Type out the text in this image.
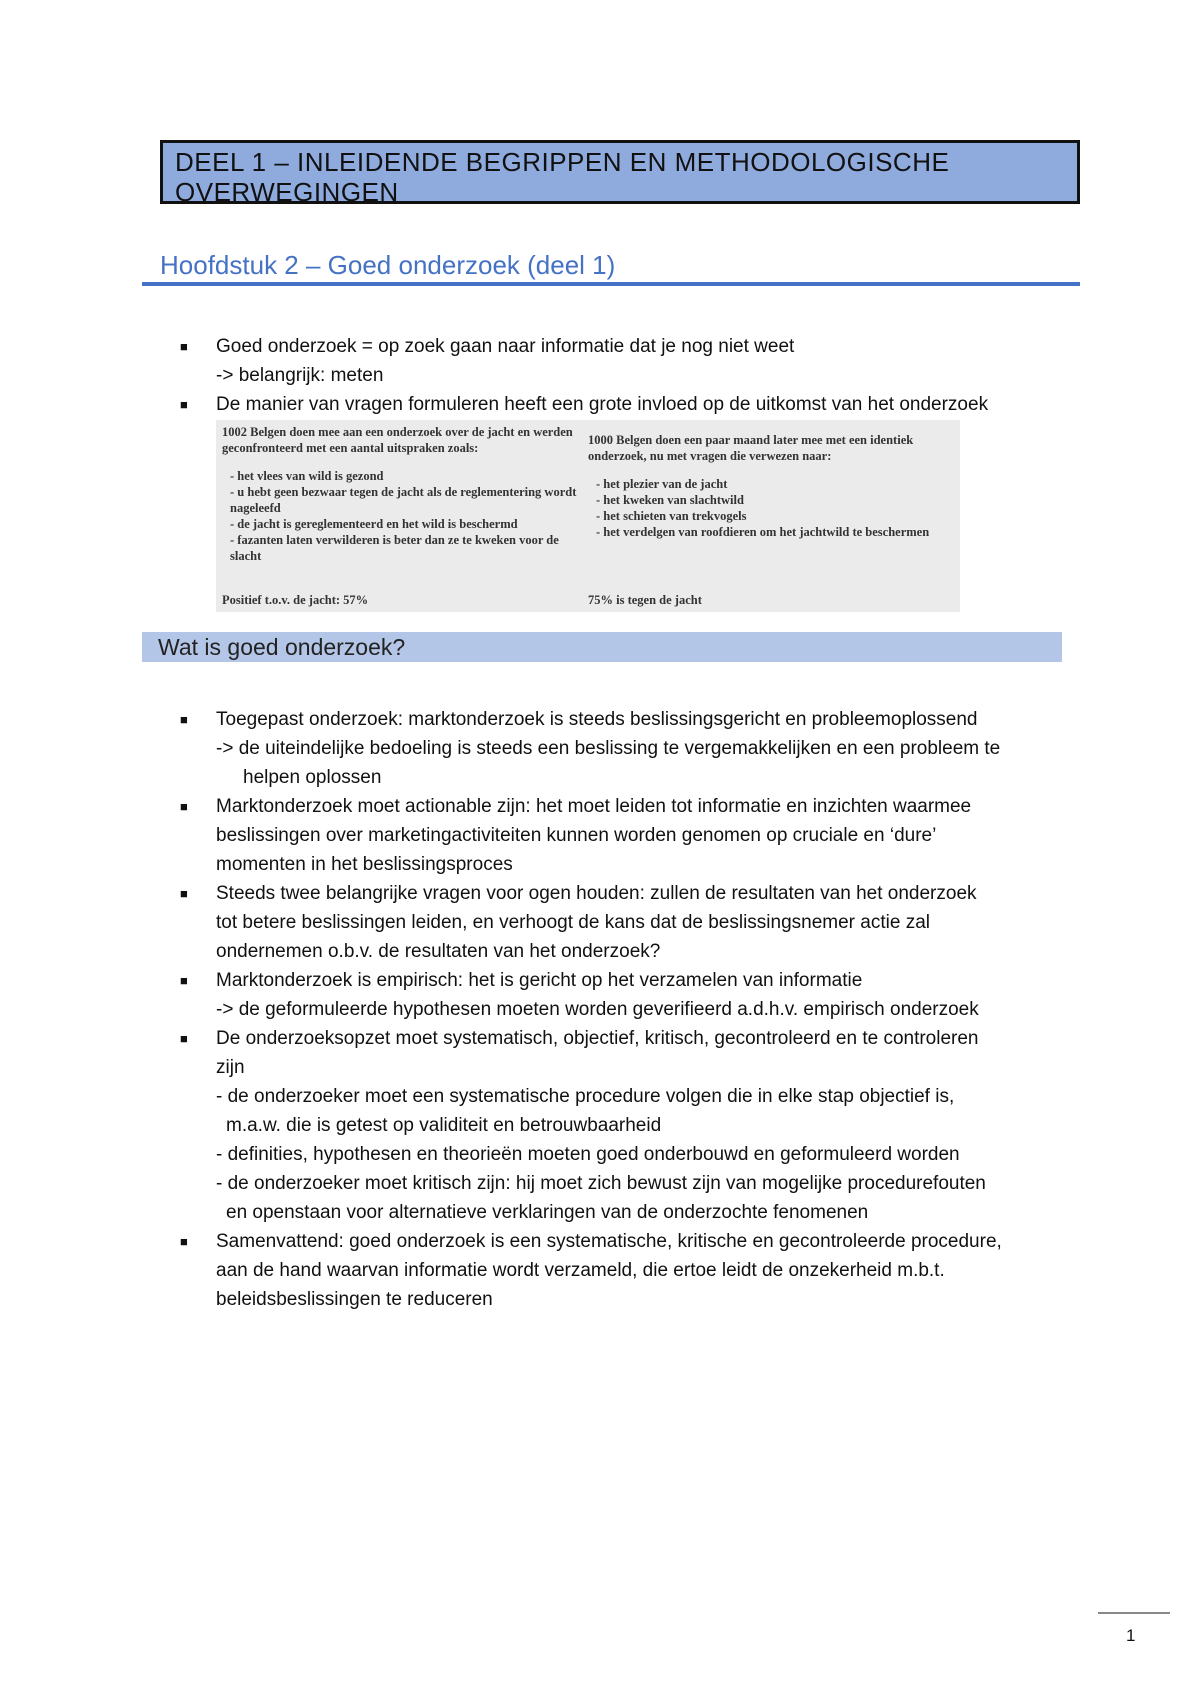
DEEL 1 – INLEIDENDE BEGRIPPEN EN METHODOLOGISCHE OVERWEGINGEN
Hoofdstuk 2 – Goed onderzoek (deel 1)
■ Goed onderzoek = op zoek gaan naar informatie dat je nog niet weet
-> belangrijk: meten
■ De manier van vragen formuleren heeft een grote invloed op de uitkomst van het onderzoek

1002 Belgen doen mee aan een onderzoek over de jacht en werden geconfronteerd met een aantal uitspraken zoals:

- het vlees van wild is gezond

- u hebt geen bezwaar tegen de jacht als de reglementering wordt nageleefd

- de jacht is gereglementeerd en het wild is beschermd

- fazanten laten verwilderen is beter dan ze te kweken voor de slacht

Positief t.o.v. de jacht: 57%

1000 Belgen doen een paar maand later mee met een identiek onderzoek, nu met vragen die verwezen naar:

- het plezier van de jacht

- het kweken van slachtwild

- het schieten van trekvogels

- het verdelgen van roofdieren om het jachtwild te beschermen

75% is tegen de jacht
Wat is goed onderzoek?
■ Toegepast onderzoek: marktonderzoek is steeds beslissingsgericht en probleemoplossend
-> de uiteindelijke bedoeling is steeds een beslissing te vergemakkelijken en een probleem te
helpen oplossen
■ Marktonderzoek moet actionable zijn: het moet leiden tot informatie en inzichten waarmee
beslissingen over marketingactiviteiten kunnen worden genomen op cruciale en ‘dure’
momenten in het beslissingsproces
■ Steeds twee belangrijke vragen voor ogen houden: zullen de resultaten van het onderzoek
tot betere beslissingen leiden, en verhoogt de kans dat de beslissingsnemer actie zal
ondernemen o.b.v. de resultaten van het onderzoek?
■ Marktonderzoek is empirisch: het is gericht op het verzamelen van informatie
-> de geformuleerde hypothesen moeten worden geverifieerd a.d.h.v. empirisch onderzoek
■ De onderzoeksopzet moet systematisch, objectief, kritisch, gecontroleerd en te controleren
zijn
- de onderzoeker moet een systematische procedure volgen die in elke stap objectief is,
m.a.w. die is getest op validiteit en betrouwbaarheid
- definities, hypothesen en theorieën moeten goed onderbouwd en geformuleerd worden
- de onderzoeker moet kritisch zijn: hij moet zich bewust zijn van mogelijke procedurefouten
en openstaan voor alternatieve verklaringen van de onderzochte fenomenen
■ Samenvattend: goed onderzoek is een systematische, kritische en gecontroleerde procedure,
aan de hand waarvan informatie wordt verzameld, die ertoe leidt de onzekerheid m.b.t.
beleidsbeslissingen te reduceren
1
